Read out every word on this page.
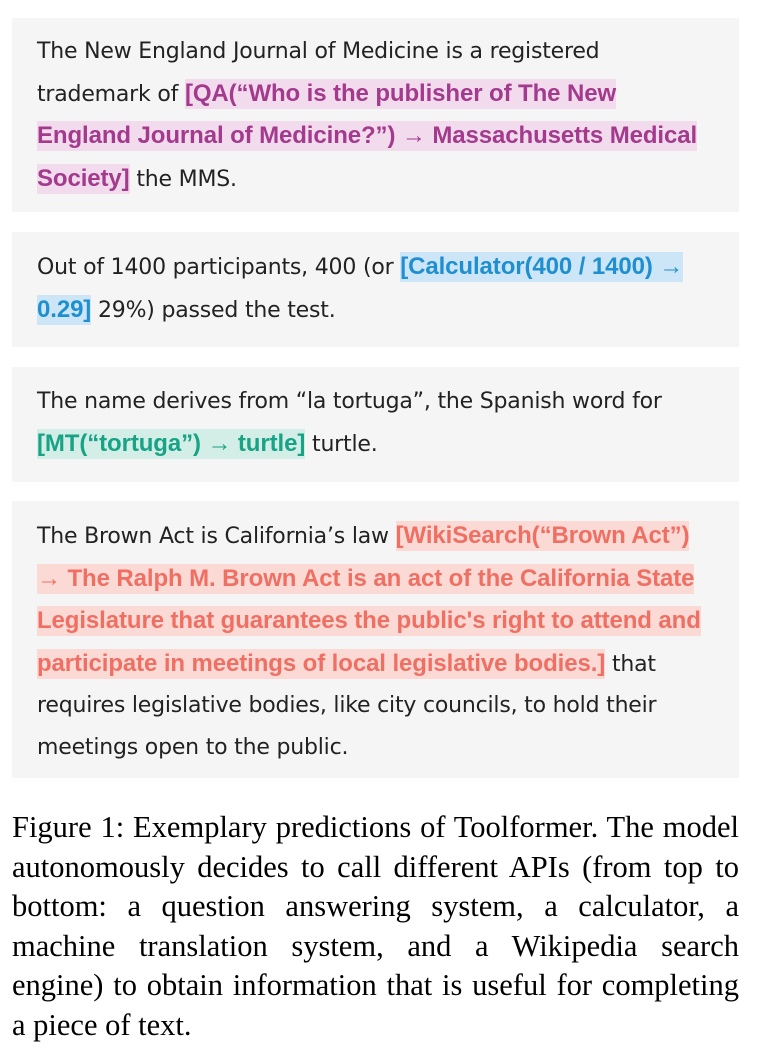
The New England Journal of Medicine is a registered trademark of [QA(“Who is the publisher of The New England Journal of Medicine?”) → Massachusetts Medical Society] the MMS.
Out of 1400 participants, 400 (or [Calculator(400 / 1400) → 0.29] 29%) passed the test.
The name derives from “la tortuga”, the Spanish word for [MT(“tortuga”) → turtle] turtle.
The Brown Act is California’s law [WikiSearch(“Brown Act”) → The Ralph M. Brown Act is an act of the California State Legislature that guarantees the public's right to attend and participate in meetings of local legislative bodies.] that requires legislative bodies, like city councils, to hold their meetings open to the public.

Figure 1: Exemplary predictions of Toolformer. The model autonomously decides to call different APIs (from top to bottom: a question answering system, a calculator, a machine translation system, and a Wikipedia search engine) to obtain information that is useful for completing a piece of text.
